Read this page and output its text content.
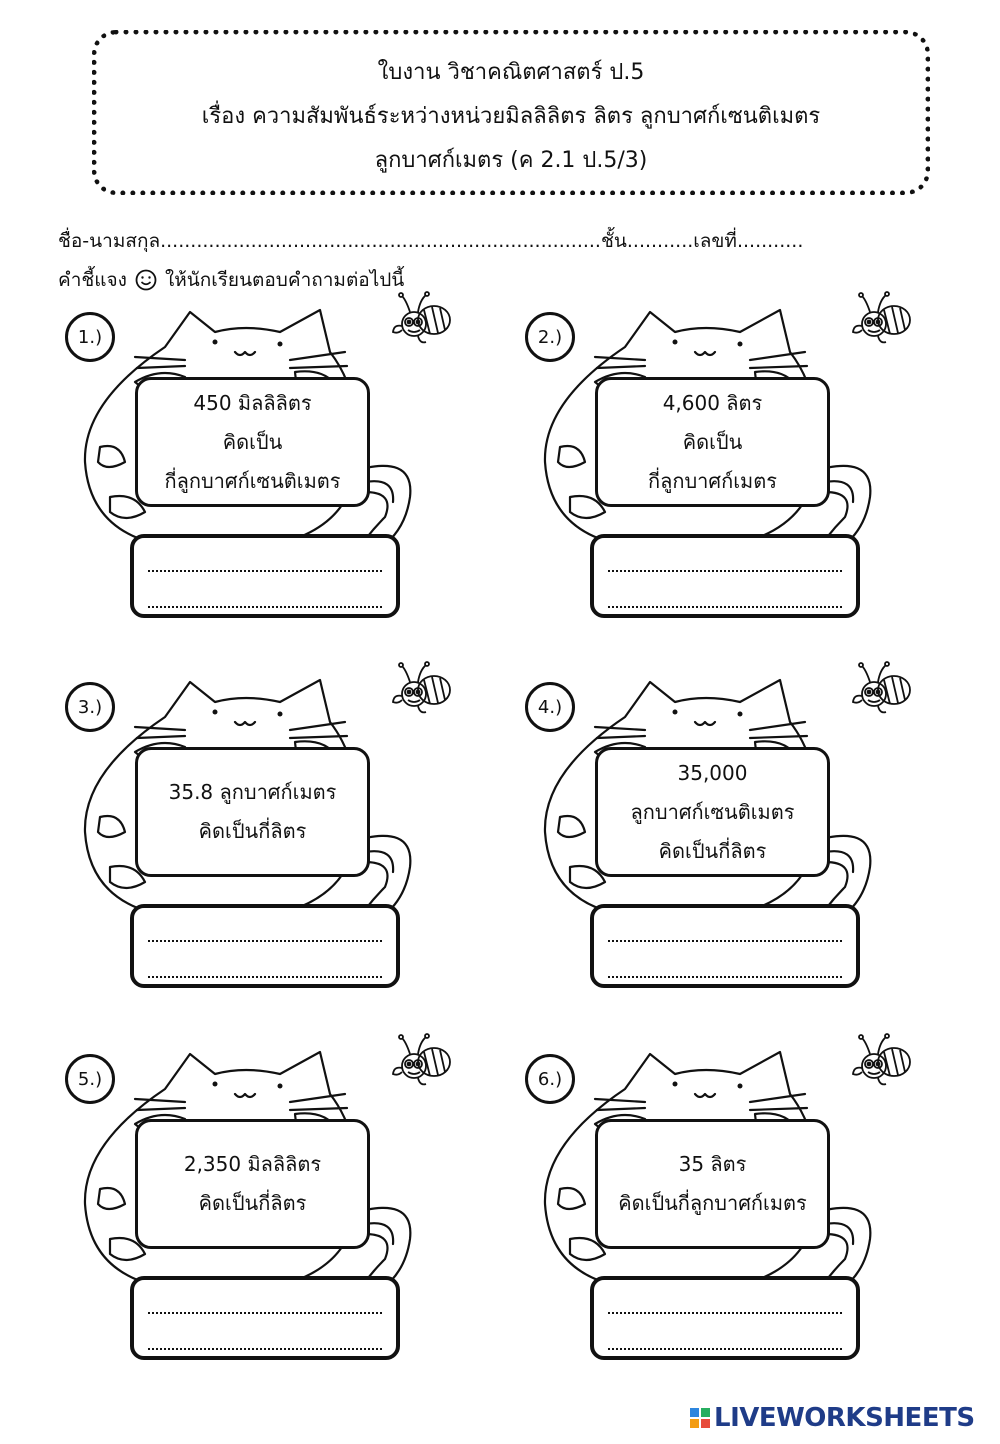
ใบงาน วิชาคณิตศาสตร์ ป.5
เรื่อง ความสัมพันธ์ระหว่างหน่วยมิลลิลิตร ลิตร ลูกบาศก์เซนติเมตร
ลูกบาศก์เมตร (ค 2.1 ป.5/3)
ชื่อ-นามสกุล.........................................................................ชั้น...........เลขที่...........
คำชี้แจง ให้นักเรียนตอบคำถามต่อไปนี้
1.)
450 มิลลิลิตร
คิดเป็น
กี่ลูกบาศก์เซนติเมตร
2.)
4,600 ลิตร
คิดเป็น
กี่ลูกบาศก์เมตร
3.)
35.8 ลูกบาศก์เมตร
คิดเป็นกี่ลิตร
4.)
35,000
ลูกบาศก์เซนติเมตร
คิดเป็นกี่ลิตร
5.)
2,350 มิลลิลิตร
คิดเป็นกี่ลิตร
6.)
35 ลิตร
คิดเป็นกี่ลูกบาศก์เมตร
LIVEWORKSHEETS
